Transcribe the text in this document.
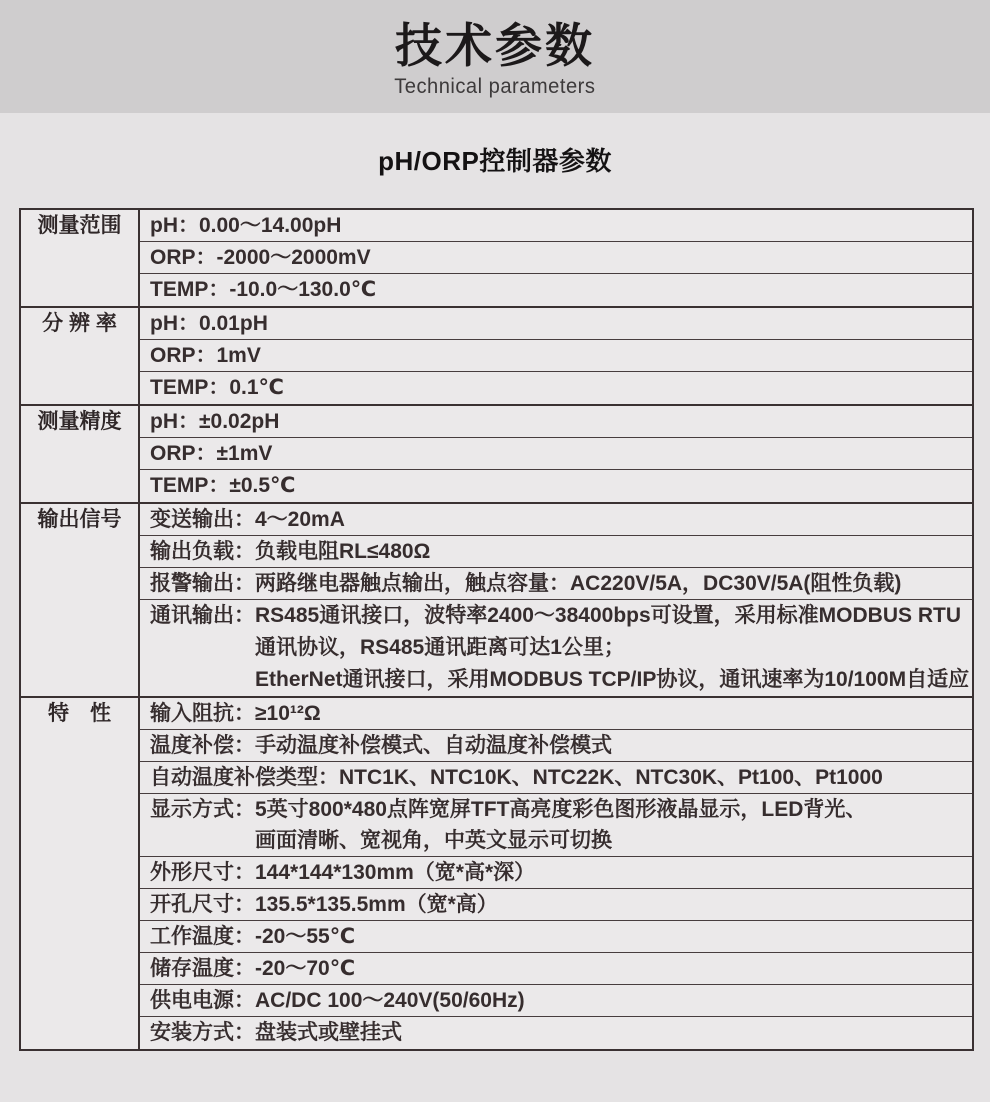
技术参数
Technical parameters
pH/ORP控制器参数
测量范围	pH：0.00～14.00pH
ORP：-2000～2000mV
TEMP：-10.0～130.0℃
分 辨 率	pH：0.01pH
ORP：1mV
TEMP：0.1℃
测量精度	pH：±0.02pH
ORP：±1mV
TEMP：±0.5℃
输出信号	变送输出：4～20mA
输出负载：负载电阻RL≤480Ω
报警输出：两路继电器触点输出，触点容量：AC220V/5A，DC30V/5A(阻性负载)
通讯输出： RS485通讯接口，波特率2400～38400bps可设置，采用标准MODBUS RTU
通讯协议，RS485通讯距离可达1公里；
EtherNet通讯接口，采用MODBUS TCP/IP协议，通讯速率为10/100M自适应
特　性	输入阻抗：≥10¹²Ω
温度补偿：手动温度补偿模式、自动温度补偿模式
自动温度补偿类型：NTC1K、NTC10K、NTC22K、NTC30K、Pt100、Pt1000
显示方式： 5英寸800*480点阵宽屏TFT高亮度彩色图形液晶显示，LED背光、
画面清晰、宽视角，中英文显示可切换
外形尺寸：144*144*130mm（宽*高*深）
开孔尺寸：135.5*135.5mm（宽*高）
工作温度：-20～55℃
储存温度：-20～70℃
供电电源：AC/DC 100～240V(50/60Hz)
安装方式：盘装式或壁挂式
